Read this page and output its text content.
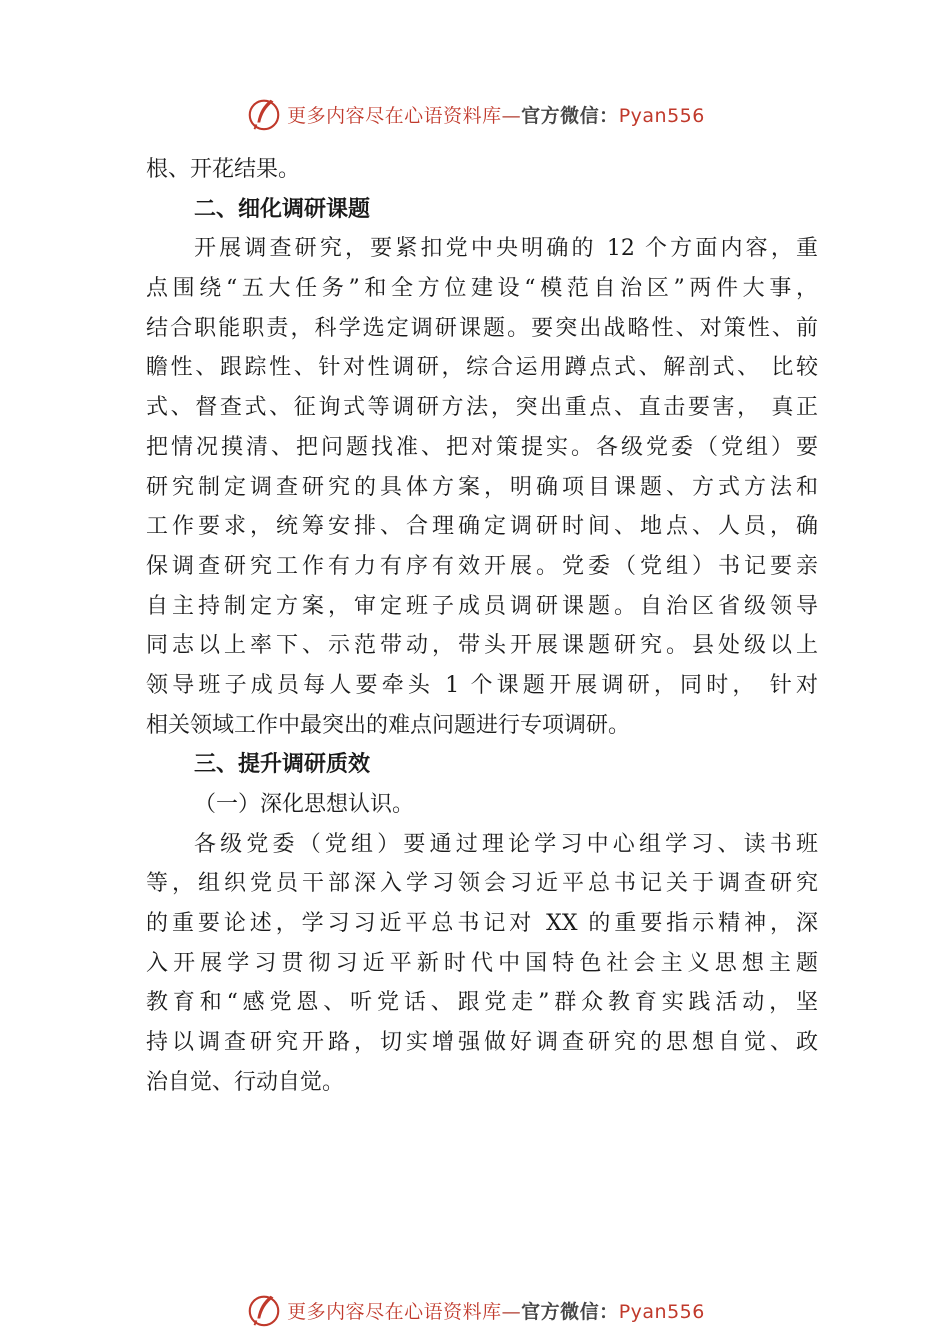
更多内容尽在心语资料库—官方微信：Pyan556
根、开花结果。
二、细化调研课题
开展调查研究，要紧扣党中央明确的 12 个方面内容，重
点围绕“五大任务”和全方位建设“模范自治区”两件大事，
结合职能职责，科学选定调研课题。要突出战略性、对策性、前
瞻性、跟踪性、针对性调研，综合运用蹲点式、解剖式、 比较
式、督查式、征询式等调研方法，突出重点、直击要害， 真正
把情况摸清、把问题找准、把对策提实。各级党委（党组）要
研究制定调查研究的具体方案，明确项目课题、方式方法和
工作要求，统筹安排、合理确定调研时间、地点、人员，确
保调查研究工作有力有序有效开展。党委（党组）书记要亲
自主持制定方案，审定班子成员调研课题。自治区省级领导
同志以上率下、示范带动，带头开展课题研究。县处级以上
领导班子成员每人要牵头 1 个课题开展调研，同时， 针对
相关领域工作中最突出的难点问题进行专项调研。
三、提升调研质效
（一）深化思想认识。
各级党委（党组）要通过理论学习中心组学习、读书班
等，组织党员干部深入学习领会习近平总书记关于调查研究
的重要论述，学习习近平总书记对 XX 的重要指示精神，深
入开展学习贯彻习近平新时代中国特色社会主义思想主题
教育和“感党恩、听党话、跟党走”群众教育实践活动，坚
持以调查研究开路，切实增强做好调查研究的思想自觉、政
治自觉、行动自觉。
更多内容尽在心语资料库—官方微信：Pyan556
